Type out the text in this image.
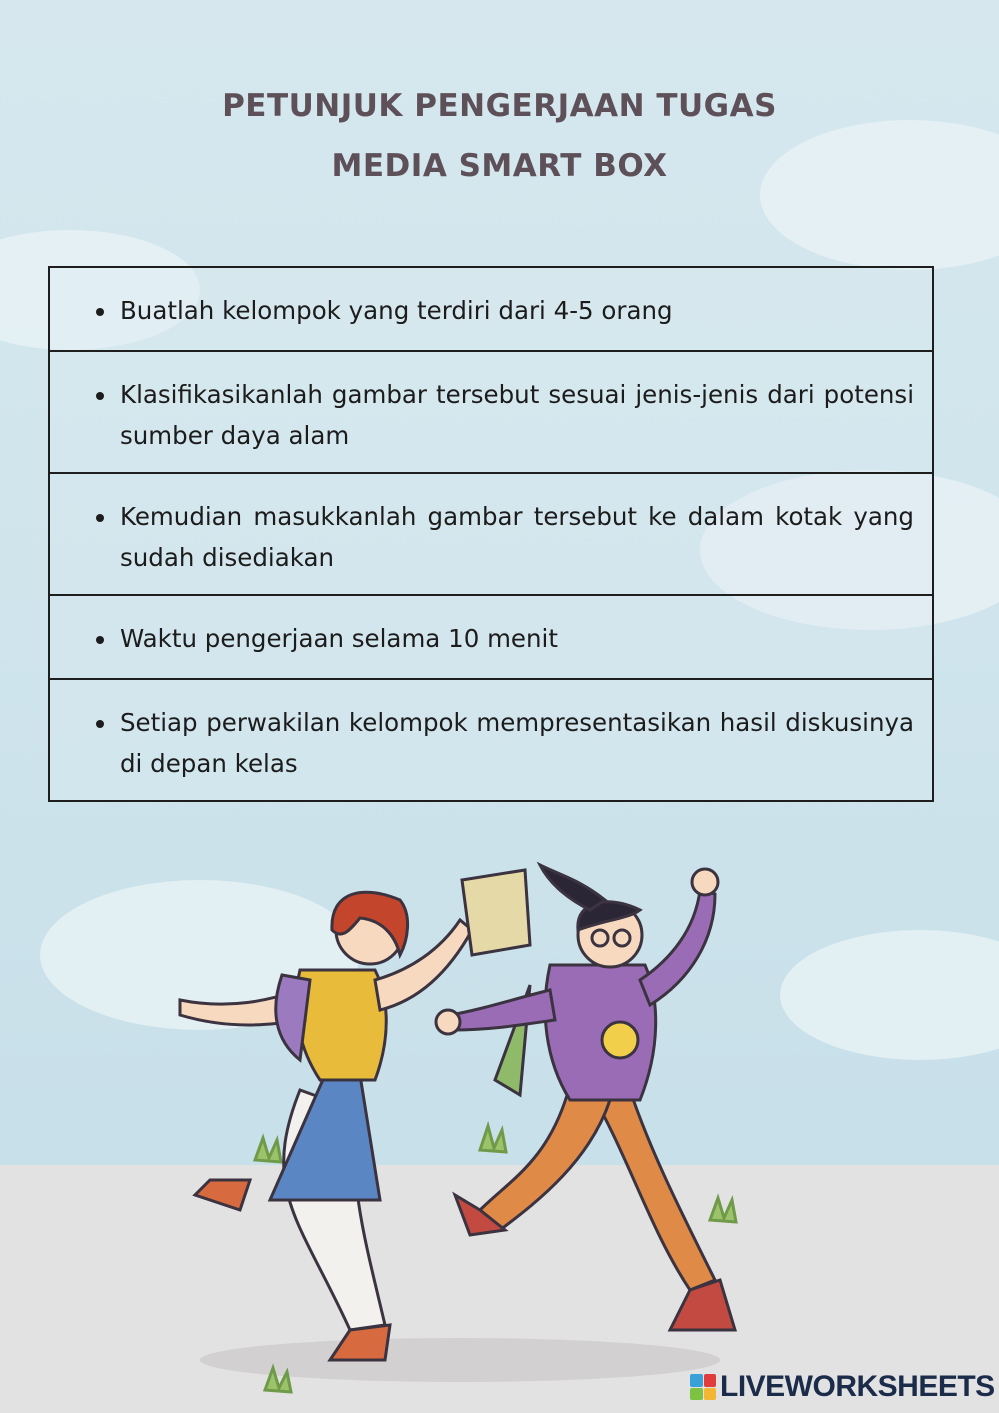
PETUNJUK PENGERJAAN TUGAS
MEDIA SMART BOX
Buatlah kelompok yang terdiri dari 4-5 orang
Klasifikasikanlah gambar tersebut sesuai jenis-jenis dari potensi sumber daya alam
Kemudian masukkanlah gambar tersebut ke dalam kotak yang sudah disediakan
Waktu pengerjaan selama 10 menit
Setiap perwakilan kelompok mempresentasikan hasil diskusinya di depan kelas
LIVEWORKSHEETS
